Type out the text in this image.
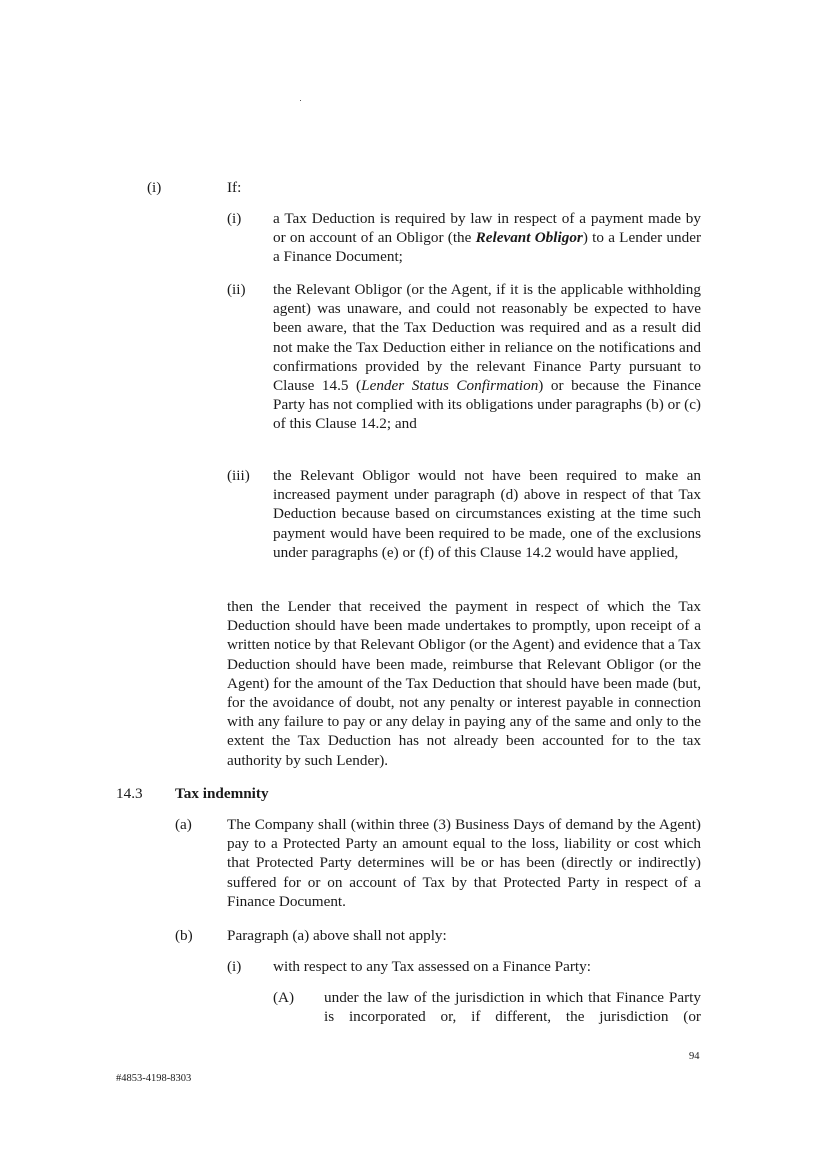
(i)	If:
(i) a Tax Deduction is required by law in respect of a payment made by or on account of an Obligor (the Relevant Obligor) to a Lender under a Finance Document;
(ii) the Relevant Obligor (or the Agent, if it is the applicable withholding agent) was unaware, and could not reasonably be expected to have been aware, that the Tax Deduction was required and as a result did not make the Tax Deduction either in reliance on the notifications and confirmations provided by the relevant Finance Party pursuant to Clause 14.5 (Lender Status Confirmation) or because the Finance Party has not complied with its obligations under paragraphs (b) or (c) of this Clause 14.2; and
(iii) the Relevant Obligor would not have been required to make an increased payment under paragraph (d) above in respect of that Tax Deduction because based on circumstances existing at the time such payment would have been required to be made, one of the exclusions under paragraphs (e) or (f) of this Clause 14.2 would have applied,
then the Lender that received the payment in respect of which the Tax Deduction should have been made undertakes to promptly, upon receipt of a written notice by that Relevant Obligor (or the Agent) and evidence that a Tax Deduction should have been made, reimburse that Relevant Obligor (or the Agent) for the amount of the Tax Deduction that should have been made (but, for the avoidance of doubt, not any penalty or interest payable in connection with any failure to pay or any delay in paying any of the same and only to the extent the Tax Deduction has not already been accounted for to the tax authority by such Lender).
14.3 Tax indemnity
(a) The Company shall (within three (3) Business Days of demand by the Agent) pay to a Protected Party an amount equal to the loss, liability or cost which that Protected Party determines will be or has been (directly or indirectly) suffered for or on account of Tax by that Protected Party in respect of a Finance Document.
(b) Paragraph (a) above shall not apply:
(i) with respect to any Tax assessed on a Finance Party:
(A) under the law of the jurisdiction in which that Finance Party is incorporated or, if different, the jurisdiction (or
94
#4853-4198-8303
